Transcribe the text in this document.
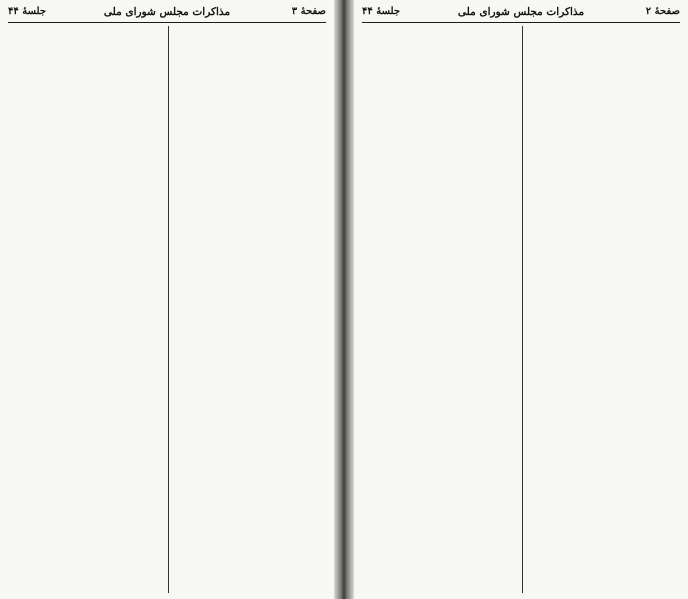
صفحهٔ ۳
مذاکرات مجلس شورای ملی
جلسهٔ ۴۴	صفحهٔ ۲
مذاکرات مجلس شورای ملی
جلسهٔ ۴۴
